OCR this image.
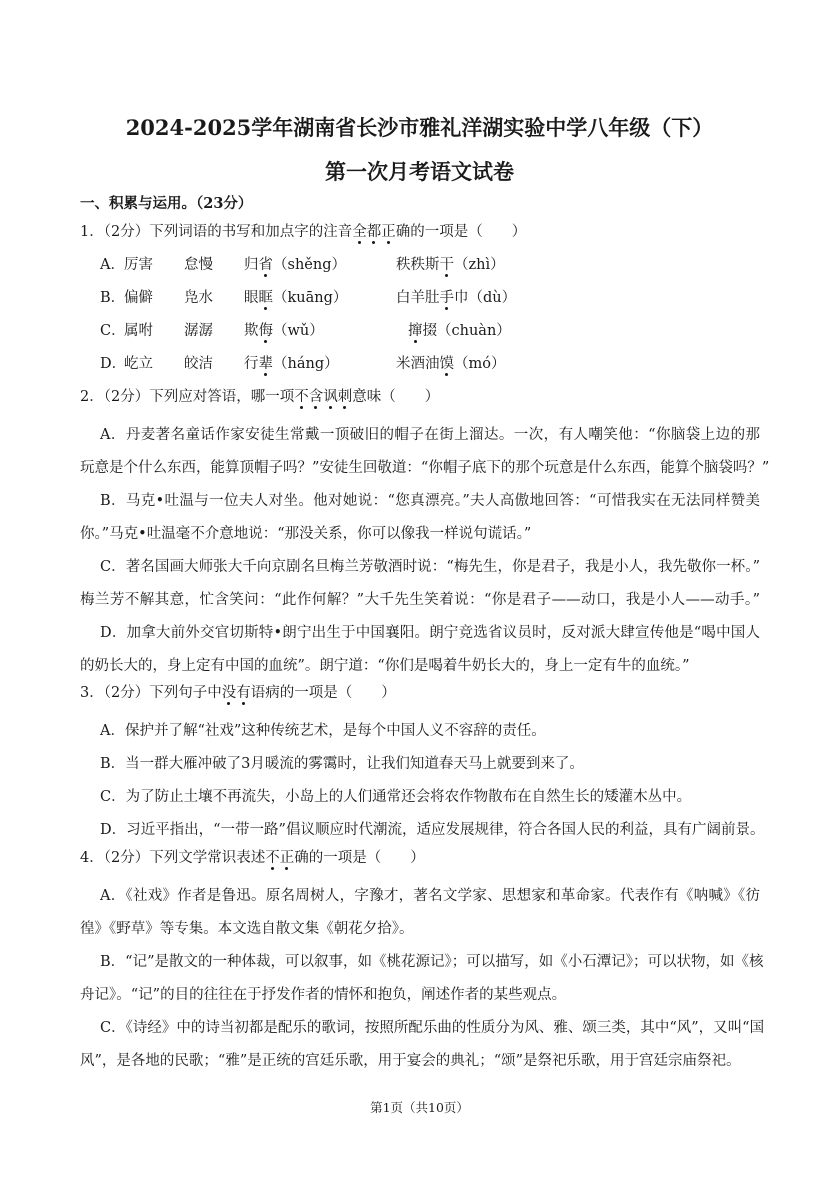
2024-2025学年湖南省长沙市雅礼洋湖实验中学八年级（下）
第一次月考语文试卷
一、积累与运用。（23分）
1．（2分）下列词语的书写和加点字的注音全都正确的一项是（　　）
A． 厉害 怠慢 归省（shěng）	秩秩斯干（zhì）
B．
偏僻 凫水 眼眶（kuāng）	白羊肚手巾（dù）
C．
属咐 潺潺 欺侮（wǔ）	撺掇（chuàn）
D．
屹立 皎洁 行辈（háng）	米酒油馍（mó）
2．（2分）下列应对答语，哪一项不含讽刺意味（　　）
A．丹麦著名童话作家安徒生常戴一顶破旧的帽子在街上溜达。一次，有人嘲笑他：“你脑袋上边的那
玩意是个什么东西，能算顶帽子吗？”安徒生回敬道：“你帽子底下的那个玩意是什么东西，能算个脑袋吗？”
B．马克•吐温与一位夫人对坐。他对她说：“您真漂亮。”夫人高傲地回答：“可惜我实在无法同样赞美
你。”马克•吐温毫不介意地说：“那没关系，你可以像我一样说句谎话。”
C．著名国画大师张大千向京剧名旦梅兰芳敬酒时说：“梅先生，你是君子，我是小人，我先敬你一杯。”
梅兰芳不解其意，忙含笑问：“此作何解？”大千先生笑着说：“你是君子——动口，我是小人——动手。”
D．加拿大前外交官切斯特•朗宁出生于中国襄阳。朗宁竞选省议员时，反对派大肆宣传他是“喝中国人
的奶长大的，身上定有中国的血统”。朗宁道：“你们是喝着牛奶长大的，身上一定有牛的血统。”
3．（2分）下列句子中没有语病的一项是（　　）
A．保护并了解“社戏”这种传统艺术，是每个中国人义不容辞的责任。
B．当一群大雁冲破了3月暖流的雾霭时，让我们知道春天马上就要到来了。
C．为了防止土壤不再流失，小岛上的人们通常还会将农作物散布在自然生长的矮灌木丛中。
D．习近平指出，“一带一路”倡议顺应时代潮流，适应发展规律，符合各国人民的利益，具有广阔前景。
4．（2分）下列文学常识表述不正确的一项是（　　）
A．《社戏》作者是鲁迅。原名周树人，字豫才，著名文学家、思想家和革命家。代表作有《呐喊》《彷
徨》《野草》等专集。本文选自散文集《朝花夕拾》。
B．“记”是散文的一种体裁，可以叙事，如《桃花源记》；可以描写，如《小石潭记》；可以状物，如《核
舟记》。“记”的目的往往在于抒发作者的情怀和抱负，阐述作者的某些观点。
C．《诗经》中的诗当初都是配乐的歌词，按照所配乐曲的性质分为风、雅、颂三类，其中“风”，又叫“国
风”，是各地的民歌；“雅”是正统的宫廷乐歌，用于宴会的典礼；“颂”是祭祀乐歌，用于宫廷宗庙祭祀。
第1页（共10页）
